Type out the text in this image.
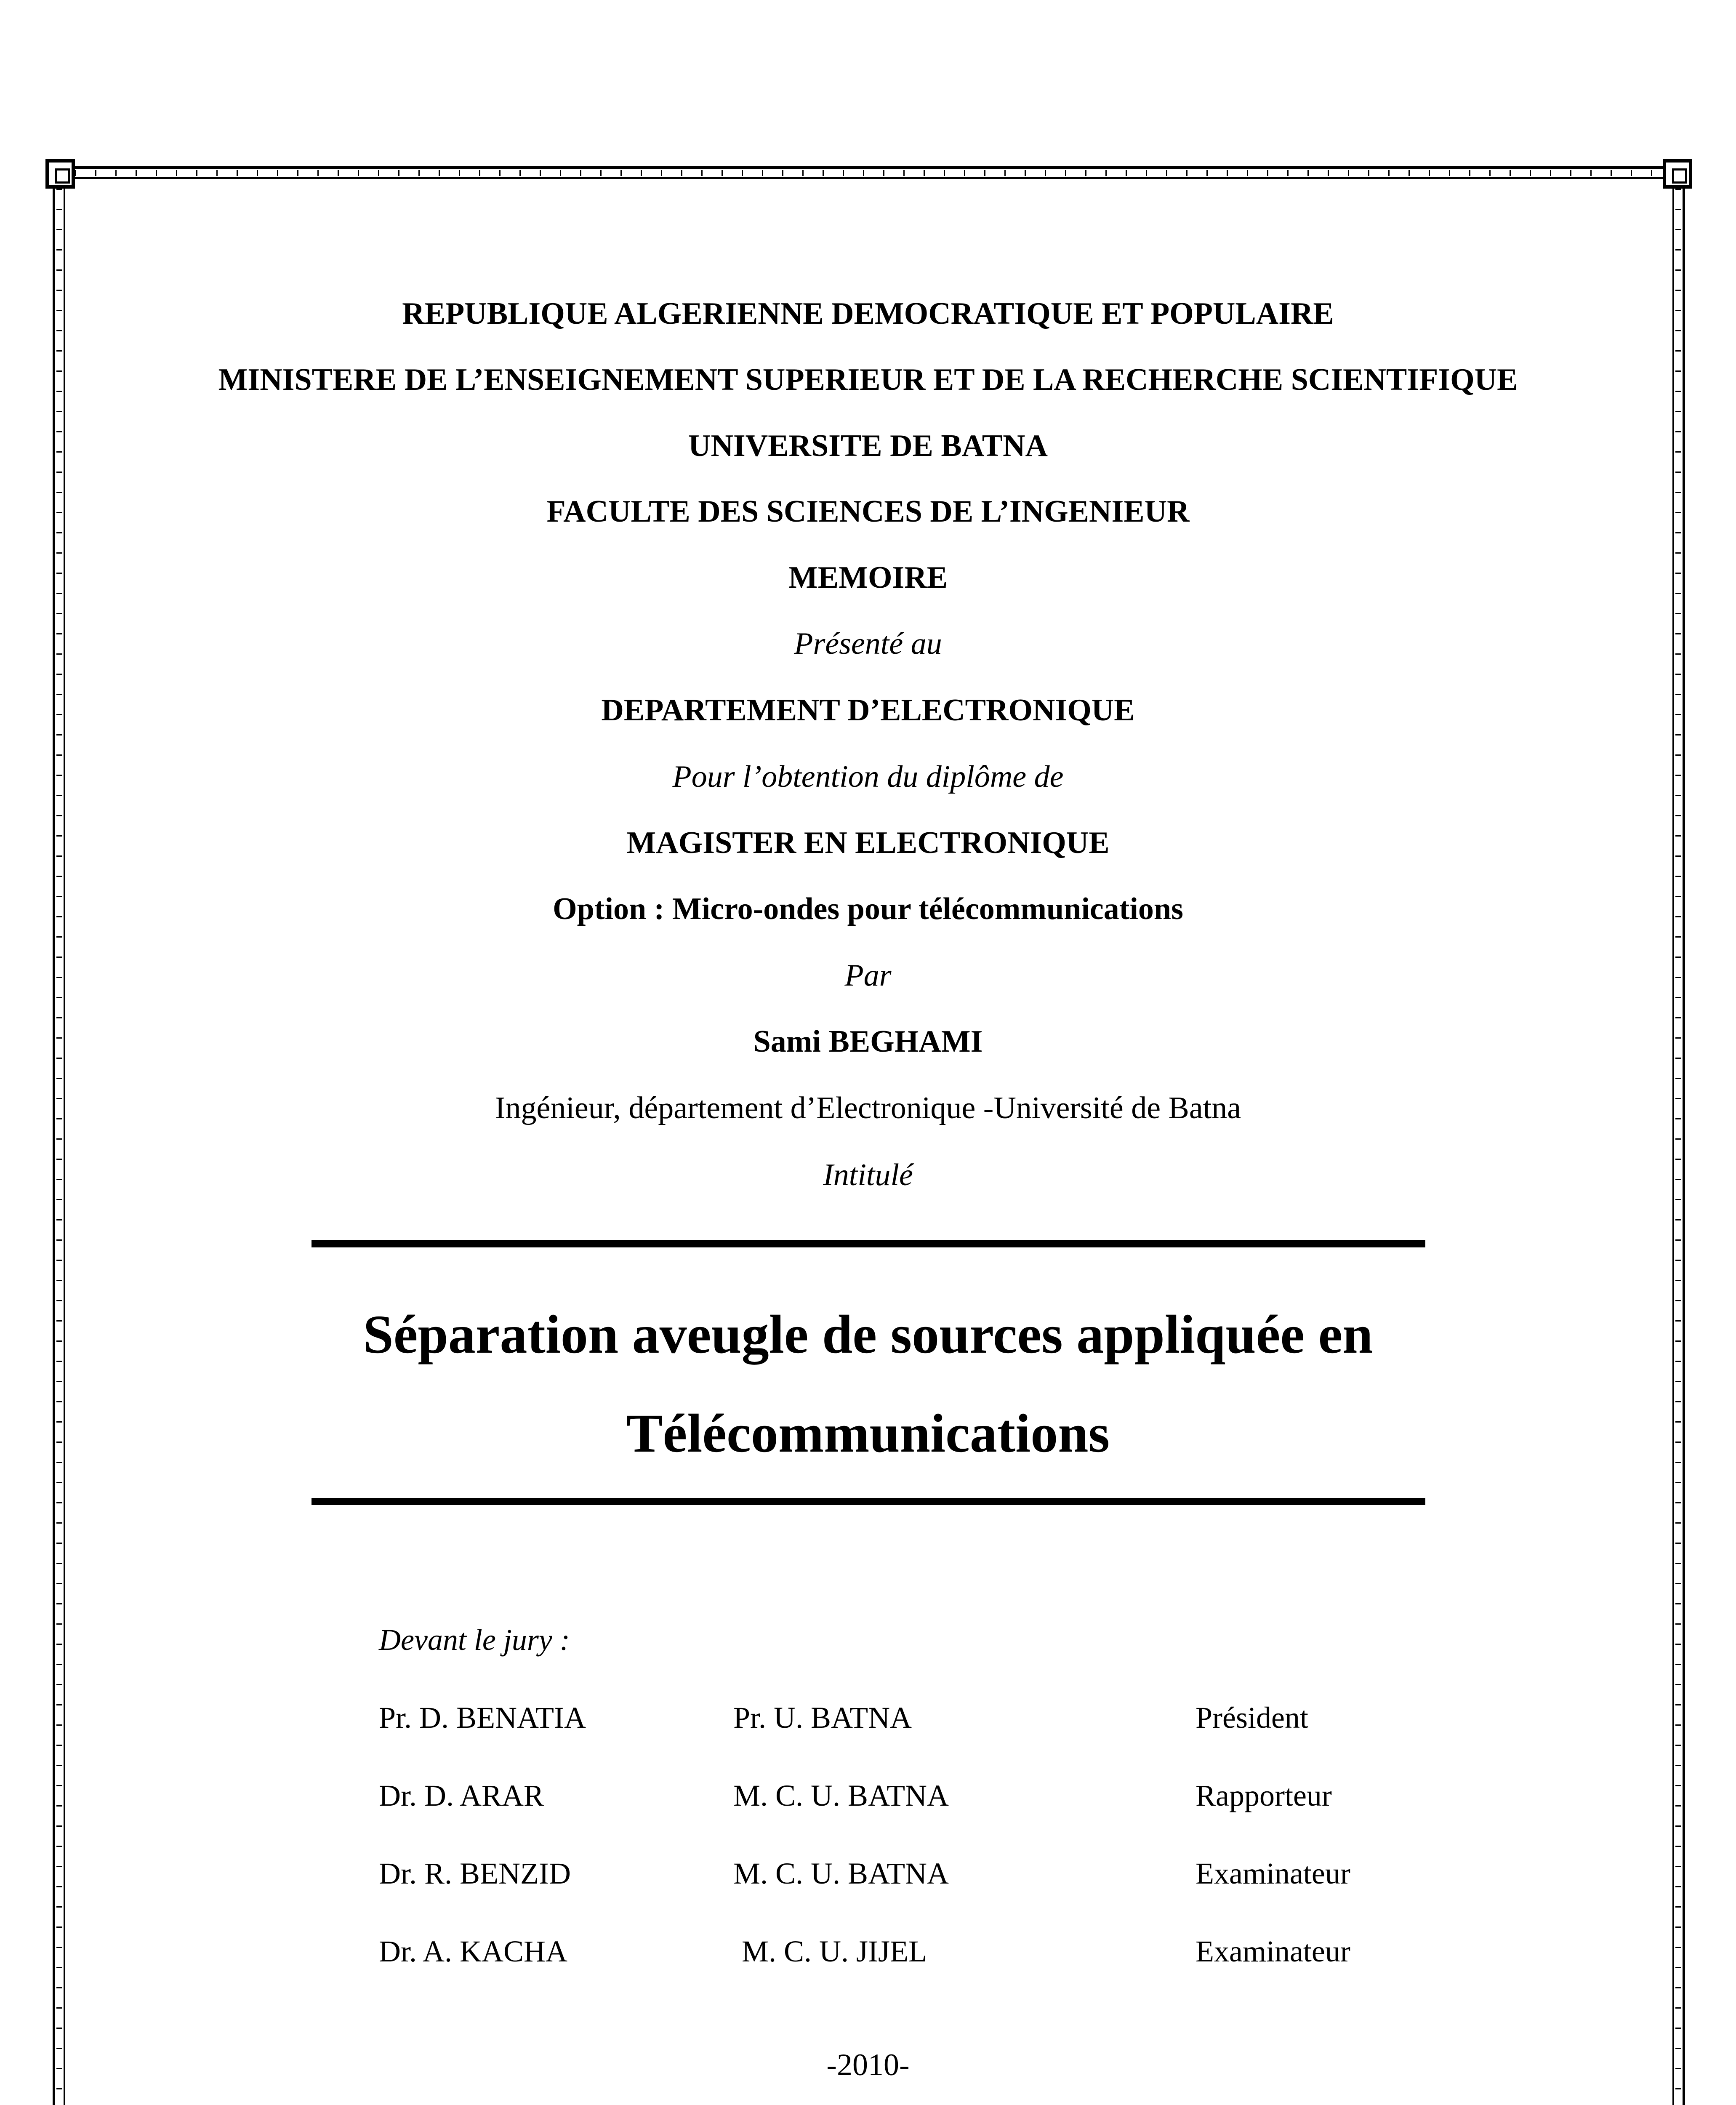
REPUBLIQUE ALGERIENNE DEMOCRATIQUE ET POPULAIRE
MINISTERE DE L’ENSEIGNEMENT SUPERIEUR ET DE LA RECHERCHE SCIENTIFIQUE
UNIVERSITE DE BATNA
FACULTE DES SCIENCES DE L’INGENIEUR
MEMOIRE
Présenté au
DEPARTEMENT D’ELECTRONIQUE
Pour l’obtention du diplôme de
MAGISTER EN ELECTRONIQUE
Option : Micro-ondes pour télécommunications
Par
Sami BEGHAMI
Ingénieur, département d’Electronique -Université de Batna
Intitulé
Séparation aveugle de sources appliquée en
Télécommunications
Devant le jury :
Pr. D. BENATIA	Pr. U. BATNA	Président
Dr. D. ARAR	M. C. U. BATNA	Rapporteur
Dr. R. BENZID	M. C. U. BATNA	Examinateur
Dr. A. KACHA	M. C. U. JIJEL	Examinateur
-2010-
